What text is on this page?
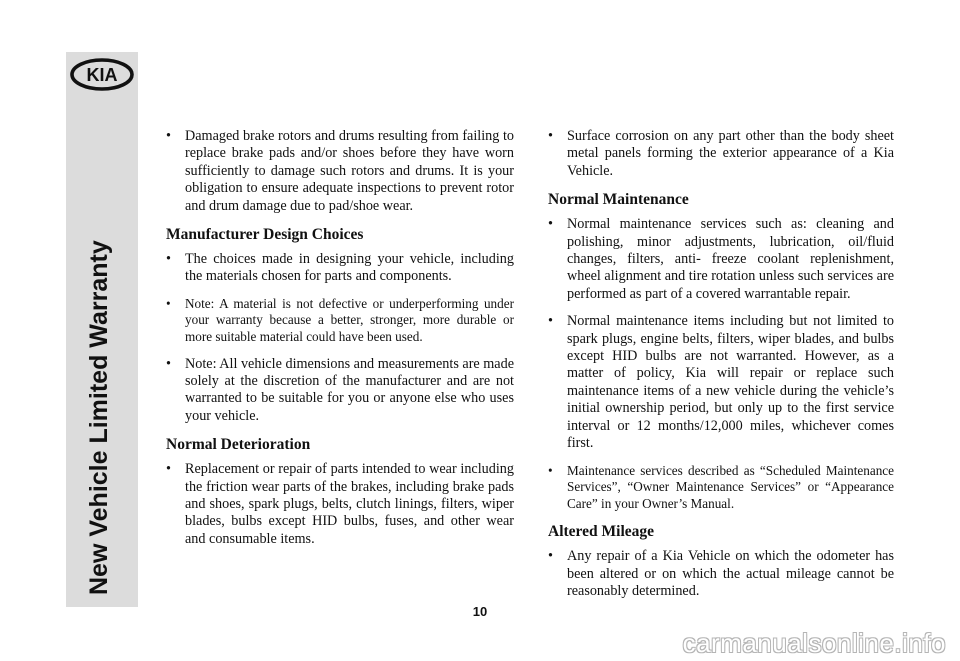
KIA
New Vehicle Limited Warranty
• Damaged brake rotors and drums resulting from failing to replace brake pads and/or shoes before they have worn sufficiently to damage such rotors and drums. It is your obligation to ensure adequate inspections to prevent rotor and drum damage due to pad/shoe wear.
Manufacturer Design Choices
• The choices made in designing your vehicle, including the materials chosen for parts and components.
• Note: A material is not defective or underperforming under your warranty because a better, stronger, more durable or more suitable material could have been used.
• Note: All vehicle dimensions and measurements are made solely at the discretion of the manufacturer and are not warranted to be suitable for you or anyone else who uses your vehicle.
Normal Deterioration
• Replacement or repair of parts intended to wear including the friction wear parts of the brakes, including brake pads and shoes, spark plugs, belts, clutch linings, filters, wiper blades, bulbs except HID bulbs, fuses, and other wear and consumable items.
• Surface corrosion on any part other than the body sheet metal panels forming the exterior appearance of a Kia Vehicle.
Normal Maintenance
• Normal maintenance services such as: cleaning and polishing, minor adjustments, lubrication, oil/fluid changes, filters, anti- freeze coolant replenishment, wheel alignment and tire rotation unless such services are performed as part of a covered warrantable repair.
• Normal maintenance items including but not limited to spark plugs, engine belts, filters, wiper blades, and bulbs except HID bulbs are not warranted. However, as a matter of policy, Kia will repair or replace such maintenance items of a new vehicle during the vehicle’s initial ownership period, but only up to the first service interval or 12 months/12,000 miles, whichever comes first.
• Maintenance services described as “Scheduled Maintenance Services”, “Owner Maintenance Services” or “Appearance Care” in your Owner’s Manual.
Altered Mileage
• Any repair of a Kia Vehicle on which the odometer has been altered or on which the actual mileage cannot be reasonably determined.
10
carmanualsonline.info
